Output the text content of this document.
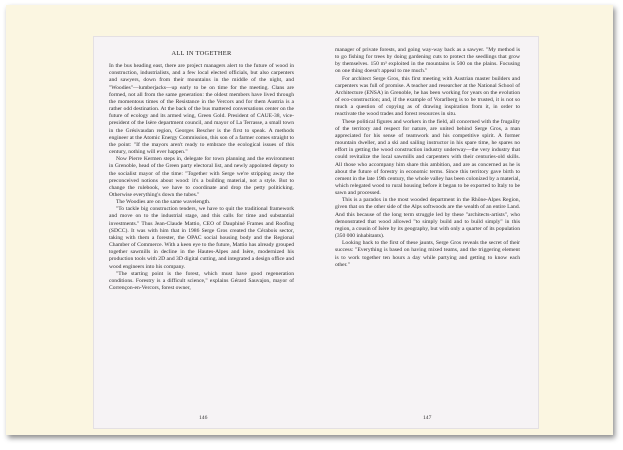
ALL IN TOGETHER

In the bus heading east, there are project managers alert to the future of wood in construction, industrialists, and a few local elected officials, but also carpenters and sawyers, down from their mountains in the middle of the night, and "Woodies"—lumberjacks—up early to be on time for the meeting. Clans are formed, not all from the same generation: the oldest members have lived through the momentous times of the Resistance in the Vercors and for them Austria is a rather odd destination. At the back of the bus mattered conversations center on the future of ecology and its armed wing, Green Gold. President of CAUE-38, vice-president of the Isère department council, and mayor of La Terrasse, a small town in the Grésivaudan region, Georges Bescher is the first to speak. A methods engineer at the Atomic Energy Commission, this son of a farmer comes straight to the point: "If the mayors aren't ready to embrace the ecological issues of this century, nothing will ever happen."

Now Pierre Kermen steps in, delegate for town planning and the environment in Grenoble, head of the Green party electoral list, and newly appointed deputy to the socialist mayor of the time: "Together with Serge we're stripping away the preconceived notions about wood: it's a building material, not a style. But to change the rulebook, we have to coordinate and drop the petty politicking. Otherwise everything's down the tubes."

The Woodies are on the same wavelength.

"To tackle big construction tenders, we have to quit the traditional framework and move on to the industrial stage, and this calls for time and substantial investments." Thus Jean-Claude Mattio, CEO of Dauphiné Frames and Roofing (SDCC). It was with him that in 1986 Serge Gros created the Cérabois sector, taking with them a forester, the OPAC social housing body and the Regional Chamber of Commerce. With a keen eye to the future, Mattio has already grouped together sawmills in decline in the Hautes-Alpes and Isère, modernized his production tools with 2D and 3D digital cutting, and integrated a design office and wood engineers into his company.

"The starting point is the forest, which must have good regeneration conditions. Forestry is a difficult science," explains Gérard Sauvajon, mayor of Corrençon-en-Vercors, forest owner,

manager of private forests, and going way-way back as a sawyer. "My method is to go fishing for trees by doing gardening cuts to protect the seedlings that grow by themselves. 150 m³ exploited in the mountains is 500 on the plains. Focusing on one thing doesn't appeal to me much."

For architect Serge Gros, this first meeting with Austrian master builders and carpenters was full of promise. A teacher and researcher at the National School of Architecture (ENSA) in Grenoble, he has been working for years on the evolution of eco-construction; and, if the example of Vorarlberg is to be trusted, it is not so much a question of copying as of drawing inspiration from it, in order to reactivate the wood trades and forest resources in situ.

These political figures and workers in the field, all concerned with the frugality of the territory and respect for nature, are united behind Serge Gros, a man appreciated for his sense of teamwork and his competitive spirit. A former mountain dweller, and a ski and sailing instructor in his spare time, he spares no effort in getting the wood construction industry underway—the very industry that could revitalize the local sawmills and carpenters with their centuries-old skills. All those who accompany him share this ambition, and are as concerned as he is about the future of forestry in economic terms. Since this territory gave birth to cement in the late 19th century, the whole valley has been colonized by a material, which relegated wood to rural housing before it began to be exported to Italy to be sawn and processed.

This is a paradox in the most wooded department in the Rhône-Alpes Region, given that on the other side of the Alps softwoods are the wealth of an entire Land. And this because of the long term struggle led by these "architects-artists", who demonstrated that wood allowed "to simply build and to build simply" in this region, a cousin of Isère by its geography, but with only a quarter of its population (350 000 inhabitants).

Looking back to the first of these jaunts, Serge Gros reveals the secret of their success: "Everything is based on having mixed teams, and the triggering element is to work together ten hours a day while partying and getting to know each other."

146	147
